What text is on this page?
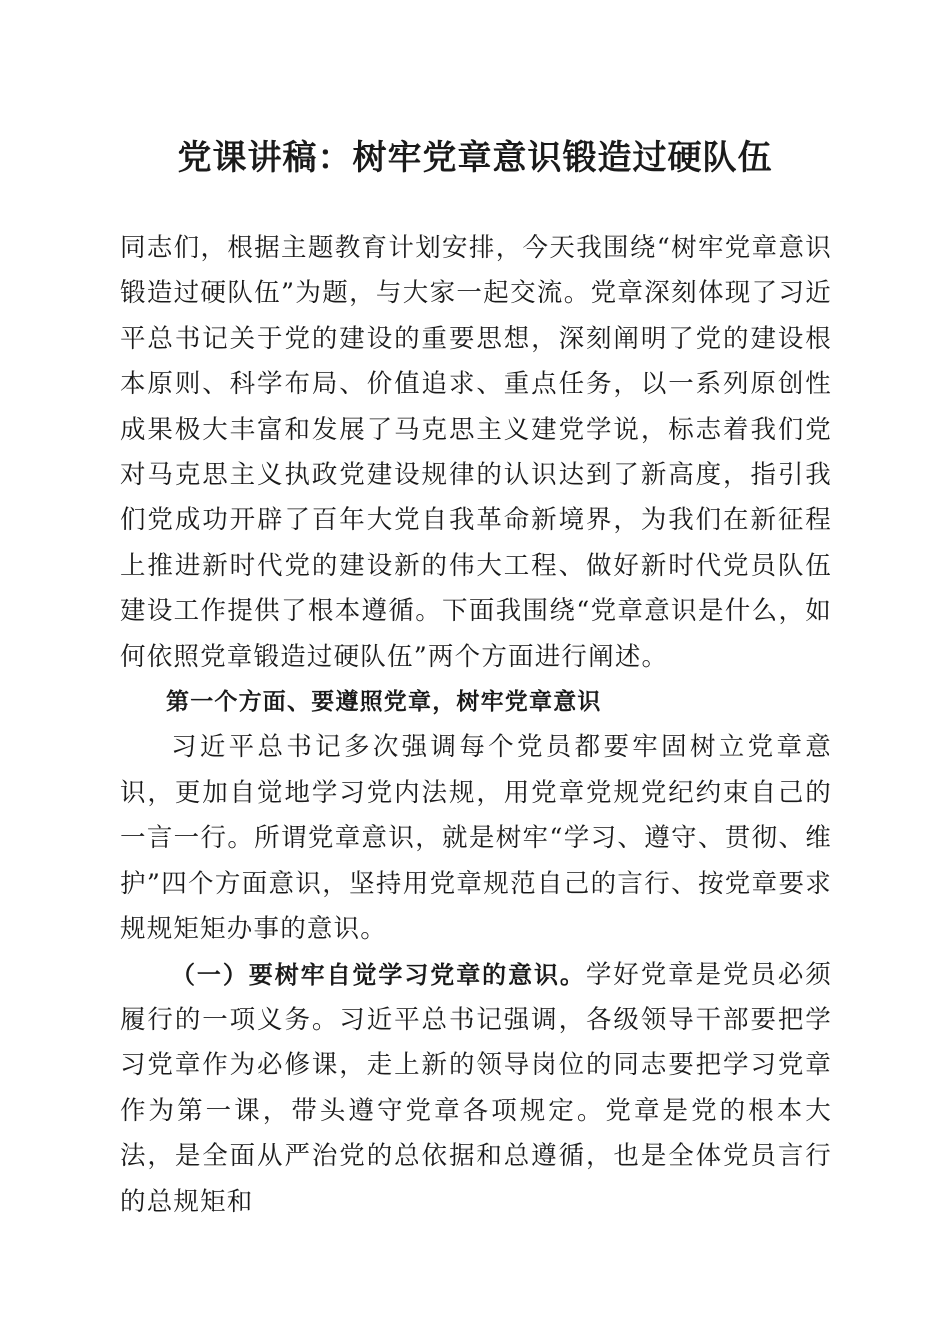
党课讲稿：树牢党章意识锻造过硬队伍

同志们，根据主题教育计划安排，今天我围绕“树牢党章意识锻造过硬队伍”为题，与大家一起交流。党章深刻体现了习近平总书记关于党的建设的重要思想，深刻阐明了党的建设根本原则、科学布局、价值追求、重点任务，以一系列原创性成果极大丰富和发展了马克思主义建党学说，标志着我们党对马克思主义执政党建设规律的认识达到了新高度，指引我们党成功开辟了百年大党自我革命新境界，为我们在新征程上推进新时代党的建设新的伟大工程、做好新时代党员队伍建设工作提供了根本遵循。下面我围绕“党章意识是什么，如何依照党章锻造过硬队伍”两个方面进行阐述。

第一个方面、要遵照党章，树牢党章意识

习近平总书记多次强调每个党员都要牢固树立党章意识，更加自觉地学习党内法规，用党章党规党纪约束自己的一言一行。所谓党章意识，就是树牢“学习、遵守、贯彻、维护”四个方面意识，坚持用党章规范自己的言行、按党章要求规规矩矩办事的意识。

（一）要树牢自觉学习党章的意识。学好党章是党员必须履行的一项义务。习近平总书记强调，各级领导干部要把学习党章作为必修课，走上新的领导岗位的同志要把学习党章作为第一课，带头遵守党章各项规定。党章是党的根本大法，是全面从严治党的总依据和总遵循，也是全体党员言行的总规矩和
